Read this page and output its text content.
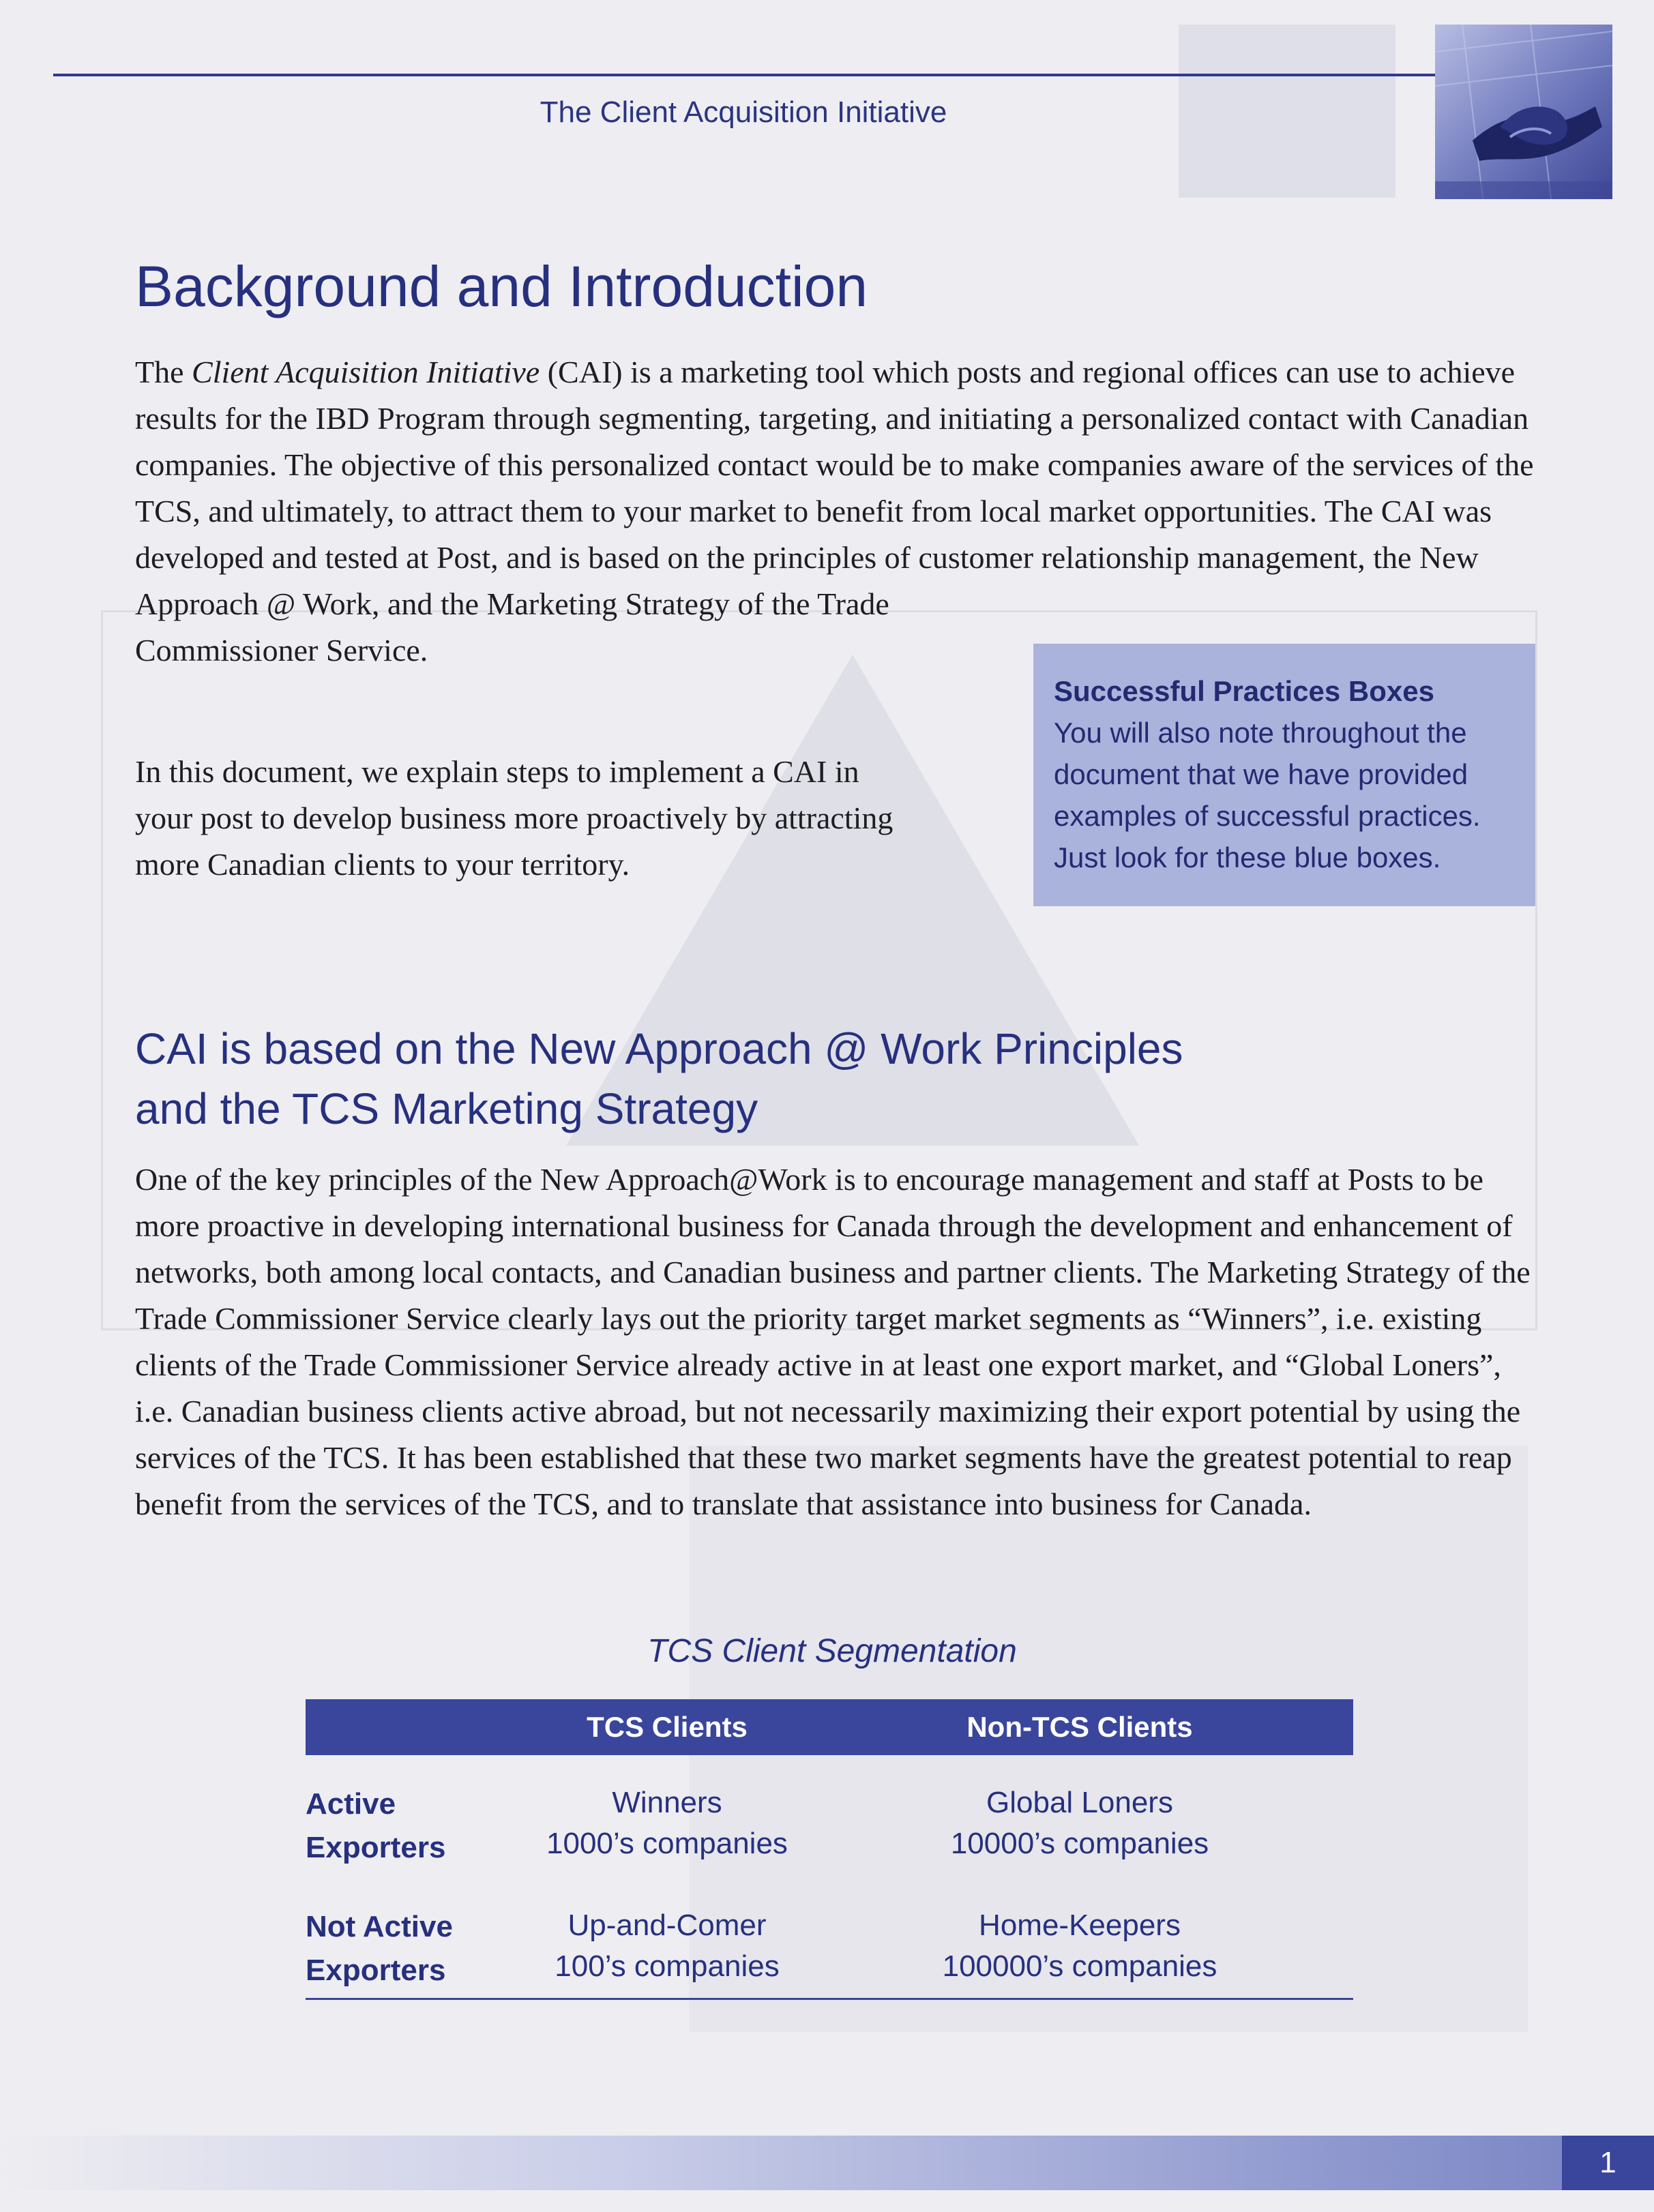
The Client Acquisition Initiative
Background and Introduction
The Client Acquisition Initiative (CAI) is a marketing tool which posts and regional offices can use to achieve results for the IBD Program through segmenting, targeting, and initiating a personalized contact with Canadian companies. The objective of this personalized contact would be to make companies aware of the services of the TCS, and ultimately, to attract them to your market to benefit from local market opportunities. The CAI was developed and tested at Post, and is based on the principles of customer relationship management, the New
Approach @ Work, and the Marketing Strategy of the Trade Commissioner Service.
In this document, we explain steps to implement a CAI in your post to develop business more proactively by attracting more Canadian clients to your territory.
Successful Practices Boxes
You will also note throughout the document that we have provided examples of successful practices. Just look for these blue boxes.
CAI is based on the New Approach @ Work Principles
and the TCS Marketing Strategy
One of the key principles of the New Approach@Work is to encourage management and staff at Posts to be more proactive in developing international business for Canada through the development and enhancement of networks, both among local contacts, and Canadian business and partner clients. The Marketing Strategy of the Trade Commissioner Service clearly lays out the priority target market segments as “Winners”, i.e. existing clients of the Trade Commissioner Service already active in at least one export market, and “Global Loners”, i.e. Canadian business clients active abroad, but not necessarily maximizing their export potential by using the services of the TCS. It has been established that these two market segments have the greatest potential to reap benefit from the services of the TCS, and to translate that assistance into business for Canada.
TCS Client Segmentation
TCS Clients	Non-TCS Clients
Active
Exporters
Winners
1000’s companies
Global Loners
10000’s companies
Not Active
Exporters
Up-and-Comer
100’s companies
Home-Keepers
100000’s companies
1
